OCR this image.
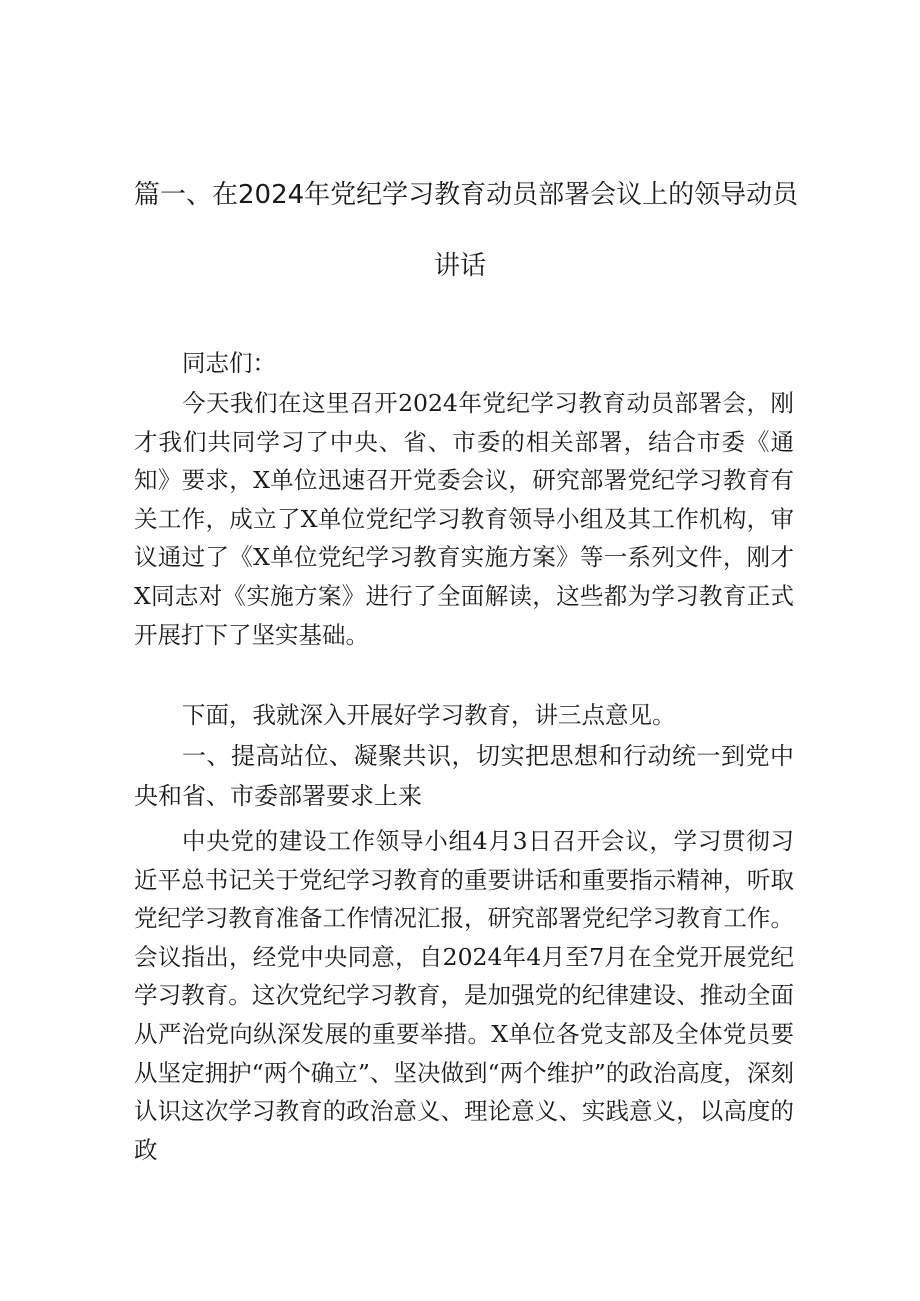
篇一、在2024年党纪学习教育动员部署会议上的领导动员
讲话

同志们：

今天我们在这里召开2024年党纪学习教育动员部署会，刚才我们共同学习了中央、省、市委的相关部署，结合市委《通知》要求，X单位迅速召开党委会议，研究部署党纪学习教育有关工作，成立了X单位党纪学习教育领导小组及其工作机构，审议通过了《X单位党纪学习教育实施方案》等一系列文件，刚才X同志对《实施方案》进行了全面解读，这些都为学习教育正式开展打下了坚实基础。

下面，我就深入开展好学习教育，讲三点意见。

一、提高站位、凝聚共识，切实把思想和行动统一到党中央和省、市委部署要求上来

中央党的建设工作领导小组4月3日召开会议，学习贯彻习近平总书记关于党纪学习教育的重要讲话和重要指示精神，听取党纪学习教育准备工作情况汇报，研究部署党纪学习教育工作。会议指出，经党中央同意，自2024年4月至7月在全党开展党纪学习教育。这次党纪学习教育，是加强党的纪律建设、推动全面从严治党向纵深发展的重要举措。X单位各党支部及全体党员要从坚定拥护“两个确立”、坚决做到“两个维护”的政治高度，深刻认识这次学习教育的政治意义、理论意义、实践意义，以高度的政
